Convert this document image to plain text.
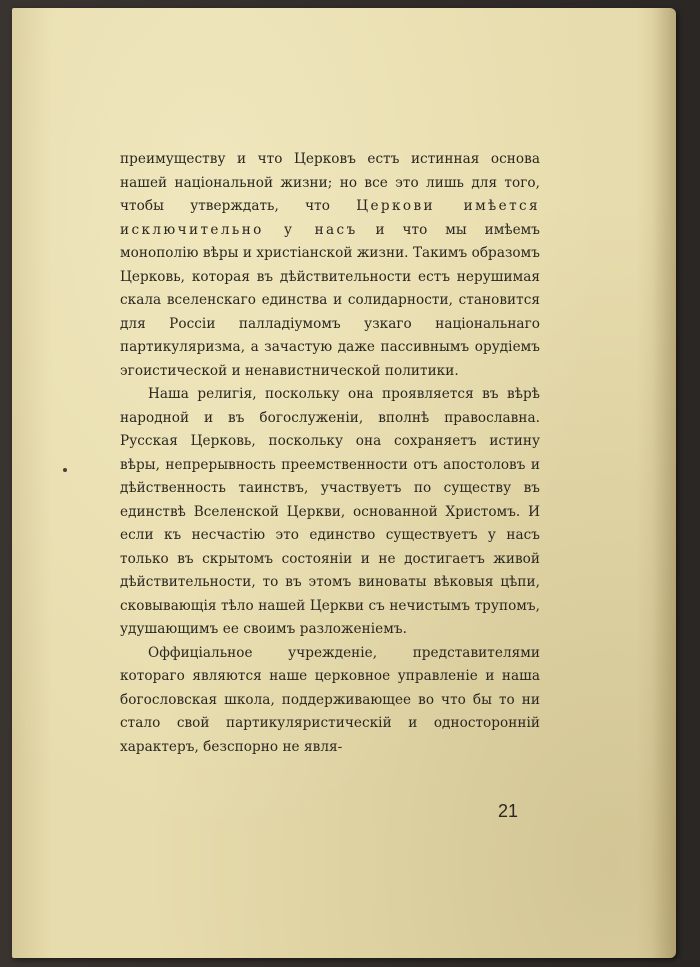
преимуществу и что Церковъ естъ истинная основа нашей національной жизни; но все это лишь для того, чтобы утверждать, что Церкови имѣется исключительно у насъ и что мы имѣемъ монополію вѣры и христіанской жизни. Такимъ образомъ Церковь, которая въ дѣйствительности естъ нерушимая скала вселенскаго единства и солидарности, становится для Россіи палладіумомъ узкаго національнаго партикуляризма, а зачастую даже пассивнымъ орудіемъ эгоистической и ненавистнической политики.

Наша религія, поскольку она проявляется въ вѣрѣ народной и въ богослуженіи, вполнѣ православна. Русская Церковь, поскольку она сохраняетъ истину вѣры, непрерывность преемственности отъ апостоловъ и дѣйственность таинствъ, участвуетъ по существу въ единствѣ Вселенской Церкви, основанной Христомъ. И если къ несчастію это единство существуетъ у насъ только въ скрытомъ состояніи и не достигаетъ живой дѣйствительности, то въ этомъ виноваты вѣковыя цѣпи, сковывающія тѣло нашей Церкви съ нечистымъ трупомъ, удушающимъ ее своимъ разложеніемъ.

Оффиціальное учрежденіе, представителями котораго являются наше церковное управленіе и наша богословская школа, поддерживающее во что бы то ни стало свой партикуляристическій и односторонній характеръ, безспорно не явля-

21
